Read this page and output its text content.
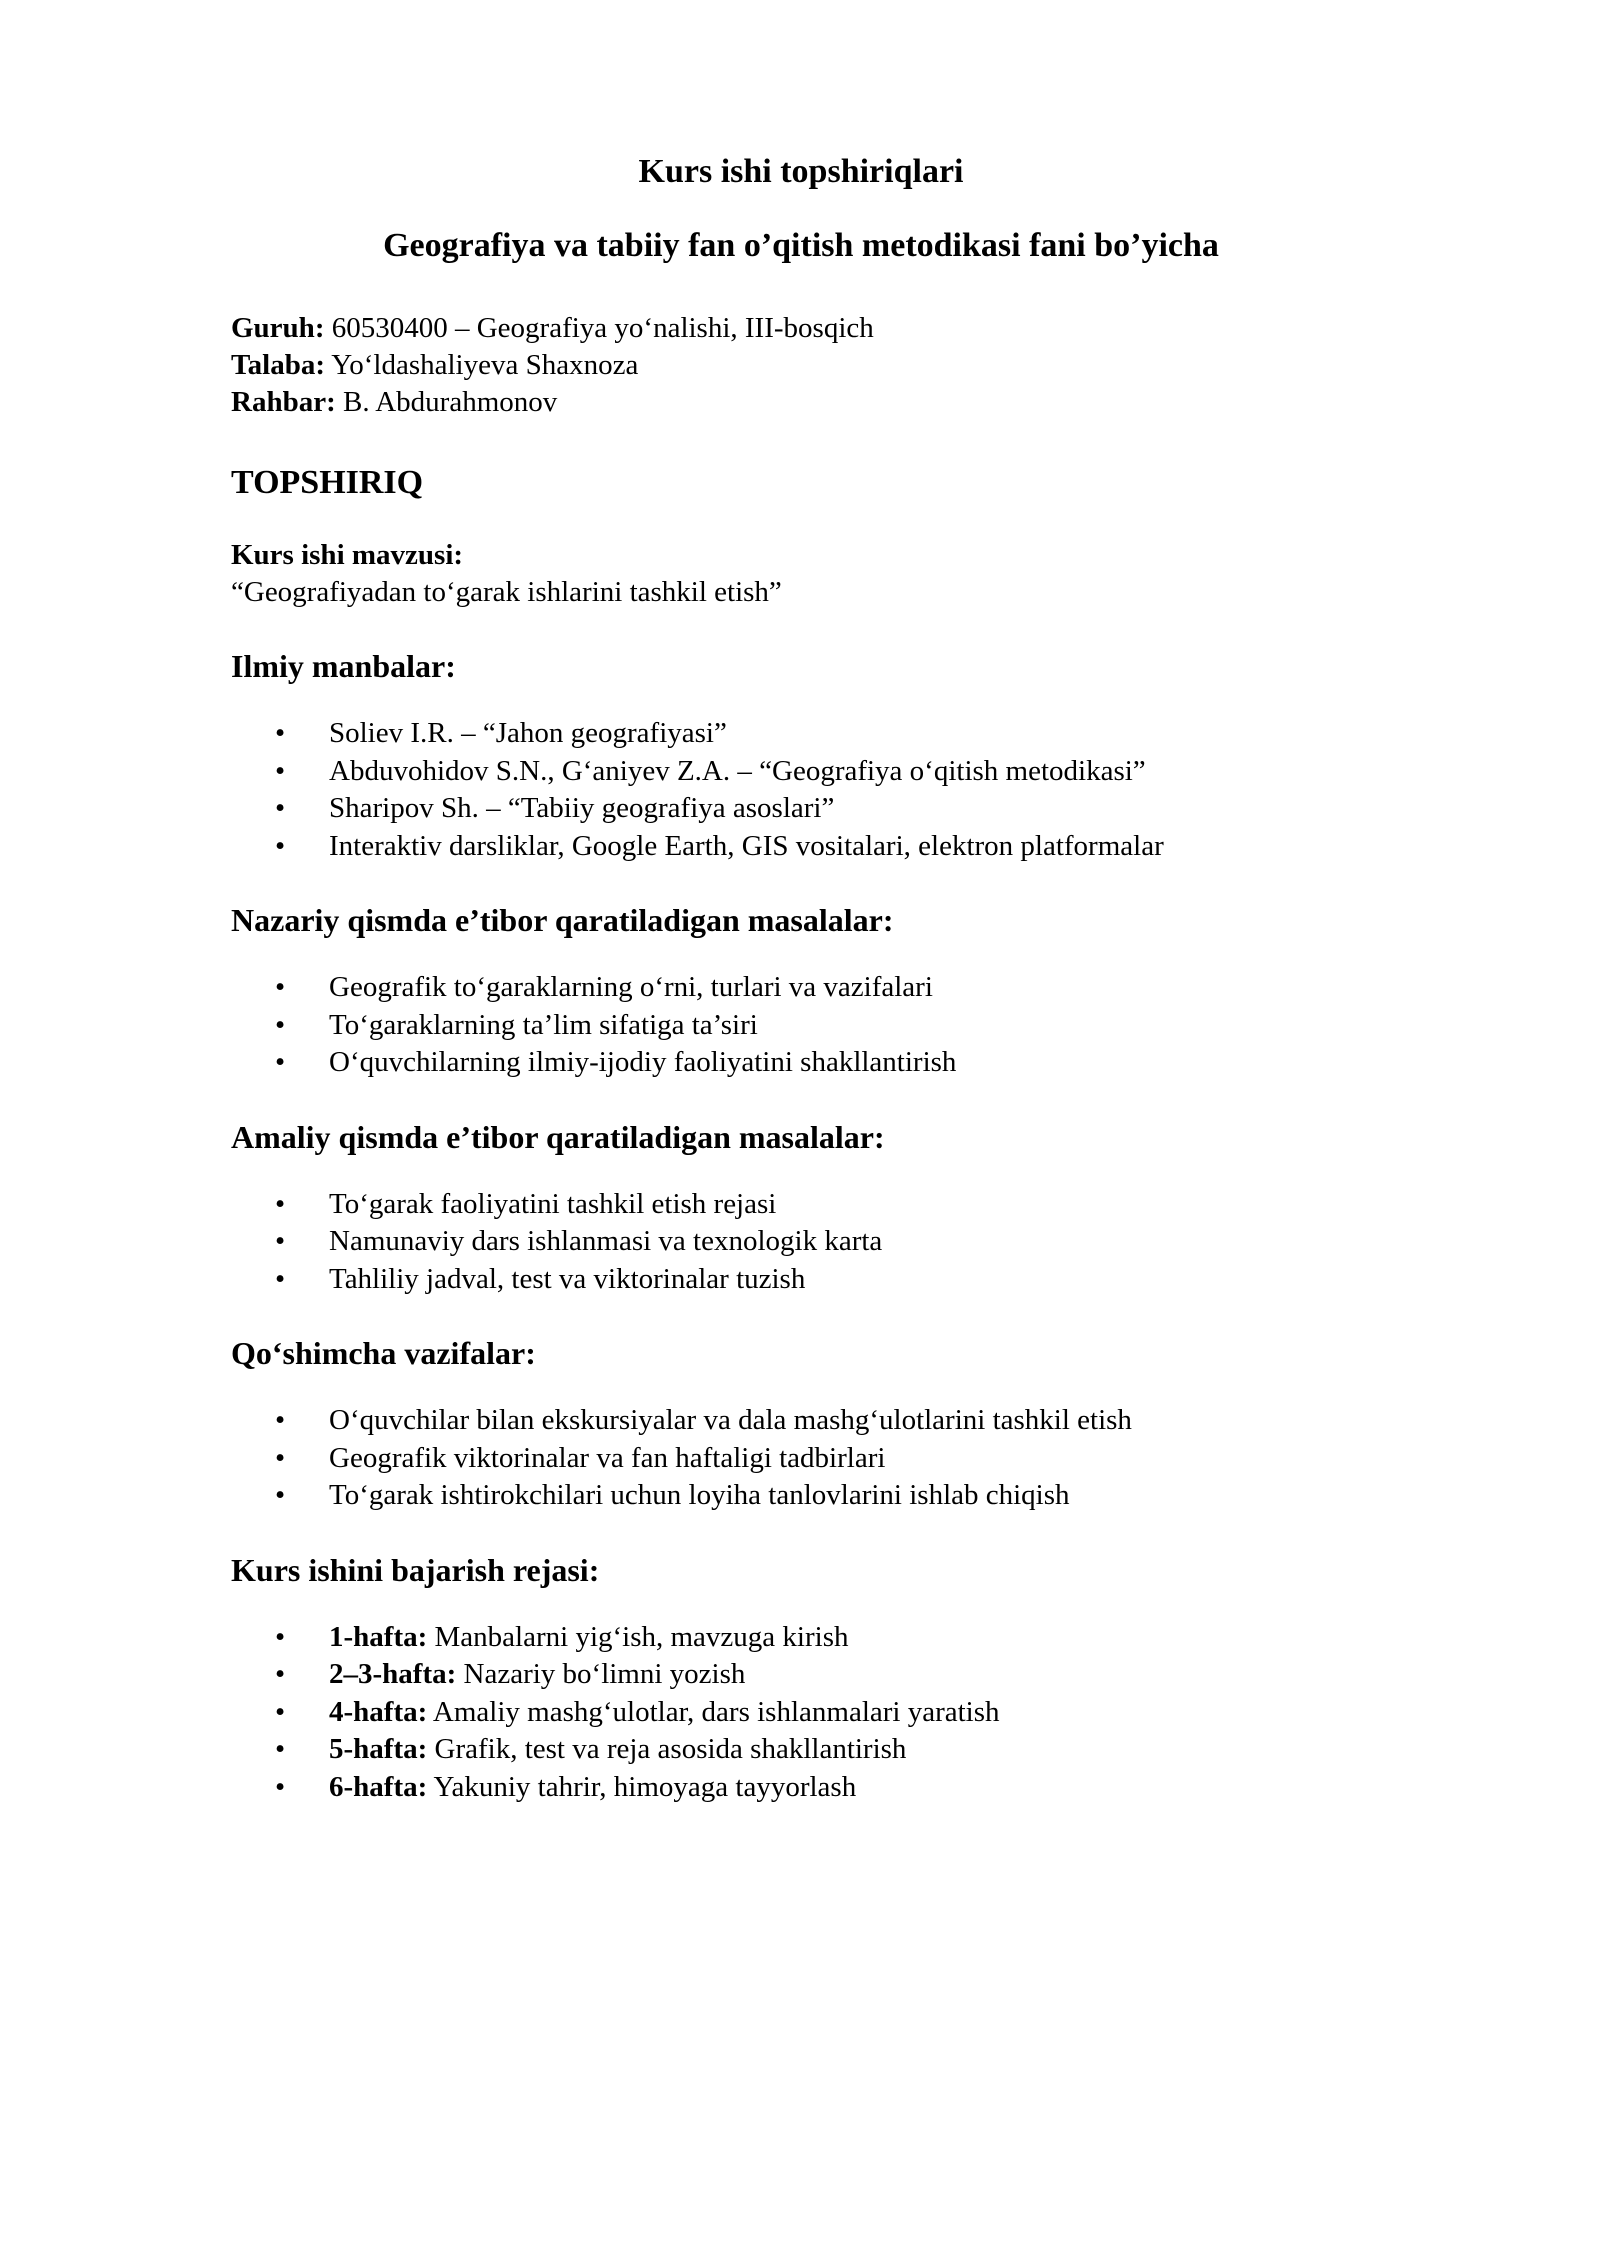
Kurs ishi topshiriqlari
Geografiya va tabiiy fan o’qitish metodikasi fani bo’yicha
Guruh: 60530400 – Geografiya yo‘nalishi, III-bosqich
Talaba: Yo‘ldashaliyeva Shaxnoza
Rahbar: B. Abdurahmonov
TOPSHIRIQ
Kurs ishi mavzusi:
“Geografiyadan to‘garak ishlarini tashkil etish”
Ilmiy manbalar:
•	Soliev I.R. – “Jahon geografiyasi”
•	Abduvohidov S.N., G‘aniyev Z.A. – “Geografiya o‘qitish metodikasi”
•	Sharipov Sh. – “Tabiiy geografiya asoslari”
•	Interaktiv darsliklar, Google Earth, GIS vositalari, elektron platformalar
Nazariy qismda e’tibor qaratiladigan masalalar:
•	Geografik to‘garaklarning o‘rni, turlari va vazifalari
•	To‘garaklarning ta’lim sifatiga ta’siri
•	O‘quvchilarning ilmiy-ijodiy faoliyatini shakllantirish
Amaliy qismda e’tibor qaratiladigan masalalar:
•	To‘garak faoliyatini tashkil etish rejasi
•	Namunaviy dars ishlanmasi va texnologik karta
•	Tahliliy jadval, test va viktorinalar tuzish
Qo‘shimcha vazifalar:
•	O‘quvchilar bilan ekskursiyalar va dala mashg‘ulotlarini tashkil etish
•	Geografik viktorinalar va fan haftaligi tadbirlari
•	To‘garak ishtirokchilari uchun loyiha tanlovlarini ishlab chiqish
Kurs ishini bajarish rejasi:
•	1-hafta: Manbalarni yig‘ish, mavzuga kirish
•	2–3-hafta: Nazariy bo‘limni yozish
•	4-hafta: Amaliy mashg‘ulotlar, dars ishlanmalari yaratish
•	5-hafta: Grafik, test va reja asosida shakllantirish
•	6-hafta: Yakuniy tahrir, himoyaga tayyorlash
